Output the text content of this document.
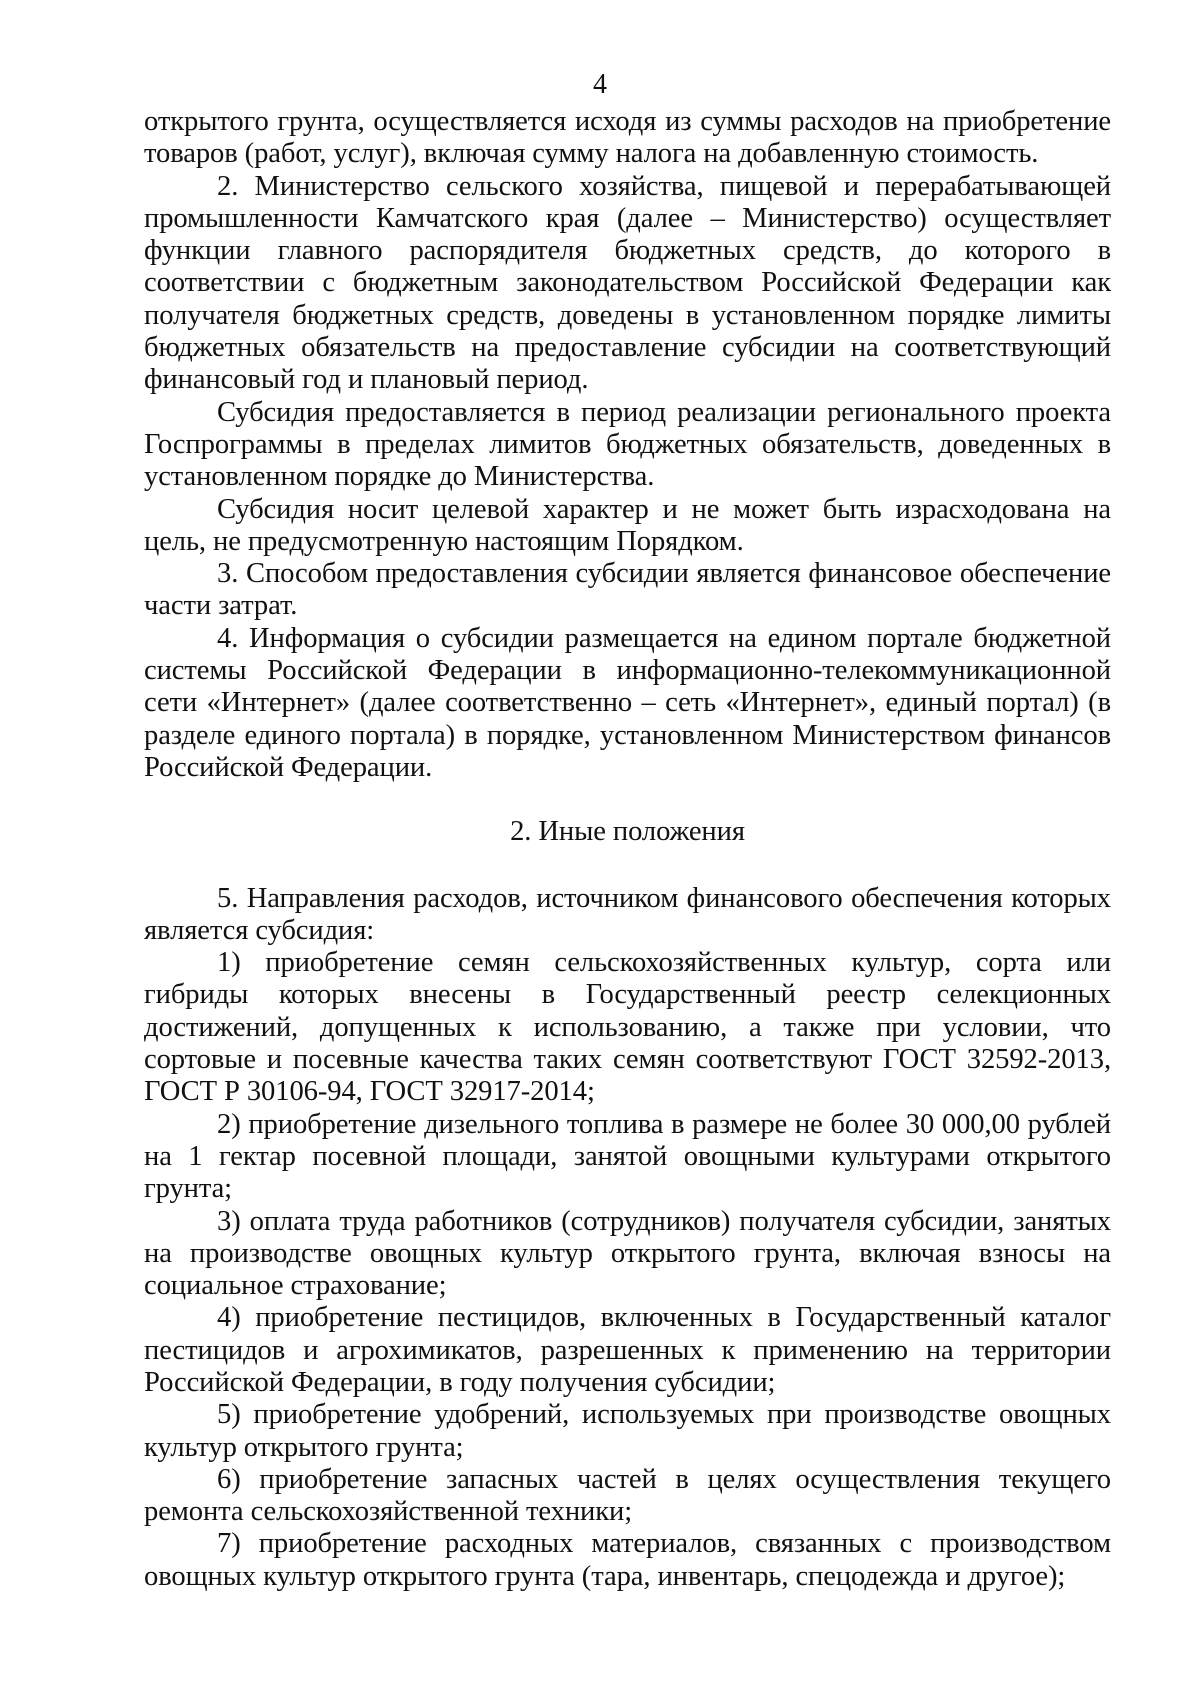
4

открытого грунта, осуществляется исходя из суммы расходов на приобретение товаров (работ, услуг), включая сумму налога на добавленную стоимость.

2. Министерство сельского хозяйства, пищевой и перерабатывающей промышленности Камчатского края (далее – Министерство) осуществляет функции главного распорядителя бюджетных средств, до которого в соответствии с бюджетным законодательством Российской Федерации как получателя бюджетных средств, доведены в установленном порядке лимиты бюджетных обязательств на предоставление субсидии на соответствующий финансовый год и плановый период.

Субсидия предоставляется в период реализации регионального проекта Госпрограммы в пределах лимитов бюджетных обязательств, доведенных в установленном порядке до Министерства.

Субсидия носит целевой характер и не может быть израсходована на цель, не предусмотренную настоящим Порядком.

3. Способом предоставления субсидии является финансовое обеспечение части затрат.

4. Информация о субсидии размещается на едином портале бюджетной системы Российской Федерации в информационно-телекоммуникационной сети «Интернет» (далее соответственно – сеть «Интернет», единый портал) (в разделе единого портала) в порядке, установленном Министерством финансов Российской Федерации.

2. Иные положения

5. Направления расходов, источником финансового обеспечения которых является субсидия:

1) приобретение семян сельскохозяйственных культур, сорта или гибриды которых внесены в Государственный реестр селекционных достижений, допущенных к использованию, а также при условии, что сортовые и посевные качества таких семян соответствуют ГОСТ 32592-2013, ГОСТ Р 30106-94, ГОСТ 32917-2014;

2) приобретение дизельного топлива в размере не более 30 000,00 рублей на 1 гектар посевной площади, занятой овощными культурами открытого грунта;

3) оплата труда работников (сотрудников) получателя субсидии, занятых на производстве овощных культур открытого грунта, включая взносы на социальное страхование;

4) приобретение пестицидов, включенных в Государственный каталог пестицидов и агрохимикатов, разрешенных к применению на территории Российской Федерации, в году получения субсидии;

5) приобретение удобрений, используемых при производстве овощных культур открытого грунта;

6) приобретение запасных частей в целях осуществления текущего ремонта сельскохозяйственной техники;

7) приобретение расходных материалов, связанных с производством овощных культур открытого грунта (тара, инвентарь, спецодежда и другое);
